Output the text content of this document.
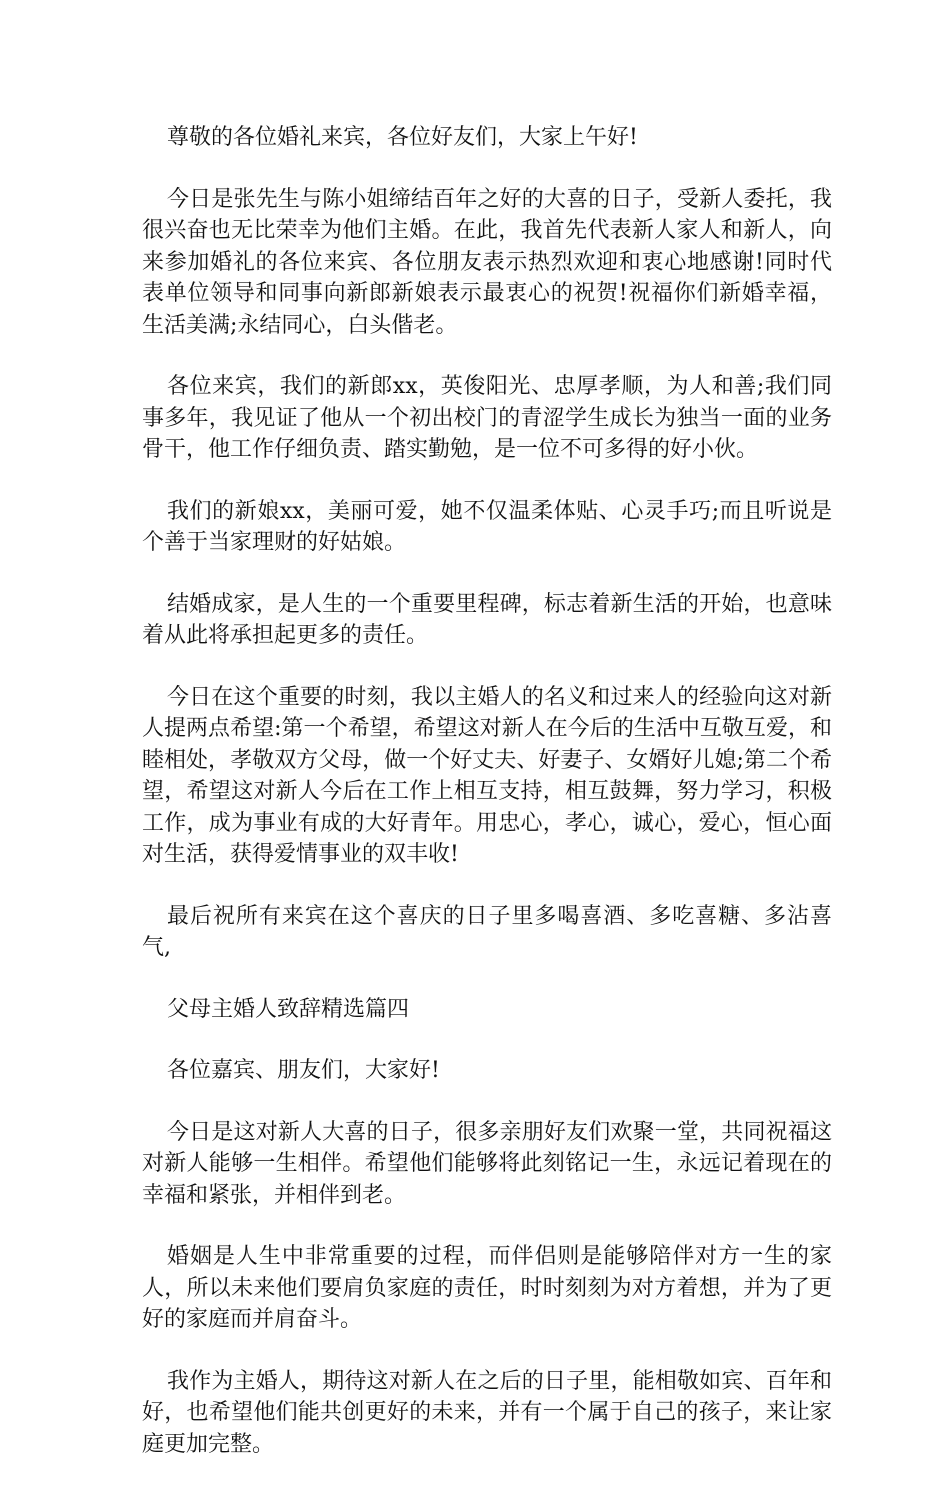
尊敬的各位婚礼来宾，各位好友们，大家上午好!

今日是张先生与陈小姐缔结百年之好的大喜的日子，受新人委托，我很兴奋也无比荣幸为他们主婚。在此，我首先代表新人家人和新人，向来参加婚礼的各位来宾、各位朋友表示热烈欢迎和衷心地感谢!同时代表单位领导和同事向新郎新娘表示最衷心的祝贺!祝福你们新婚幸福，生活美满;永结同心，白头偕老。

各位来宾，我们的新郎xx，英俊阳光、忠厚孝顺，为人和善;我们同事多年，我见证了他从一个初出校门的青涩学生成长为独当一面的业务骨干，他工作仔细负责、踏实勤勉，是一位不可多得的好小伙。

我们的新娘xx，美丽可爱，她不仅温柔体贴、心灵手巧;而且听说是个善于当家理财的好姑娘。

结婚成家，是人生的一个重要里程碑，标志着新生活的开始，也意味着从此将承担起更多的责任。

今日在这个重要的时刻，我以主婚人的名义和过来人的经验向这对新人提两点希望:第一个希望，希望这对新人在今后的生活中互敬互爱，和睦相处，孝敬双方父母，做一个好丈夫、好妻子、女婿好儿媳;第二个希望，希望这对新人今后在工作上相互支持，相互鼓舞，努力学习，积极工作，成为事业有成的大好青年。用忠心，孝心，诚心，爱心，恒心面对生活，获得爱情事业的双丰收!

最后祝所有来宾在这个喜庆的日子里多喝喜酒、多吃喜糖、多沾喜气,

父母主婚人致辞精选篇四

各位嘉宾、朋友们，大家好!

今日是这对新人大喜的日子，很多亲朋好友们欢聚一堂，共同祝福这对新人能够一生相伴。希望他们能够将此刻铭记一生，永远记着现在的幸福和紧张，并相伴到老。

婚姻是人生中非常重要的过程，而伴侣则是能够陪伴对方一生的家人，所以未来他们要肩负家庭的责任，时时刻刻为对方着想，并为了更好的家庭而并肩奋斗。

我作为主婚人，期待这对新人在之后的日子里，能相敬如宾、百年和好，也希望他们能共创更好的未来，并有一个属于自己的孩子，来让家庭更加完整。
